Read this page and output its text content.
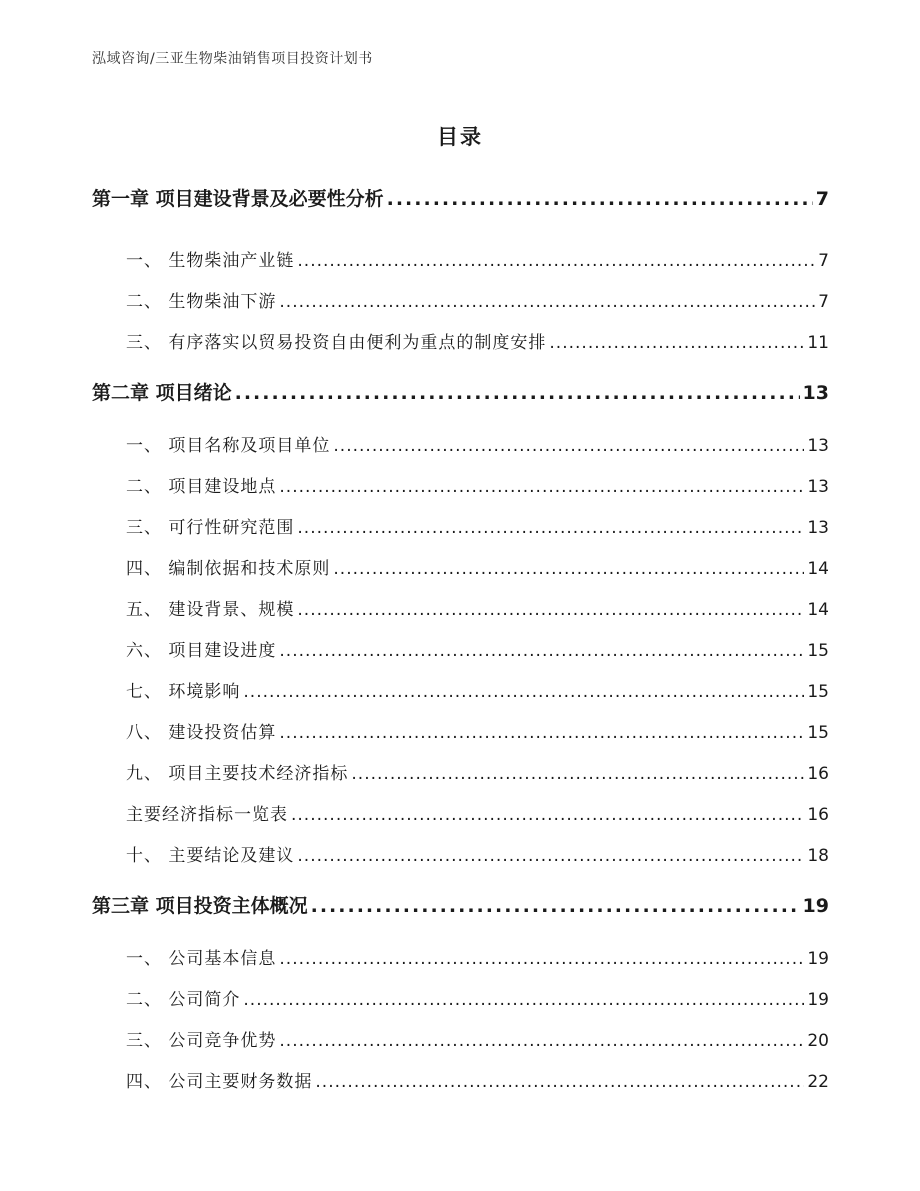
泓域咨询/三亚生物柴油销售项目投资计划书
目录
第一章 项目建设背景及必要性分析 .....	7
一、 生物柴油产业链 .....	7
二、 生物柴油下游 .....	7
三、 有序落实以贸易投资自由便利为重点的制度安排 .....	11
第二章 项目绪论 .....	13
一、 项目名称及项目单位 .....	13
二、 项目建设地点 .....	13
三、 可行性研究范围 .....	13
四、 编制依据和技术原则 .....	14
五、 建设背景、规模 .....	14
六、 项目建设进度 .....	15
七、 环境影响 .....	15
八、 建设投资估算 .....	15
九、 项目主要技术经济指标 .....	16
主要经济指标一览表 .....	16
十、 主要结论及建议 .....	18
第三章 项目投资主体概况 .....	19
一、 公司基本信息 .....	19
二、 公司简介 .....	19
三、 公司竞争优势 .....	20
四、 公司主要财务数据 .....	22
